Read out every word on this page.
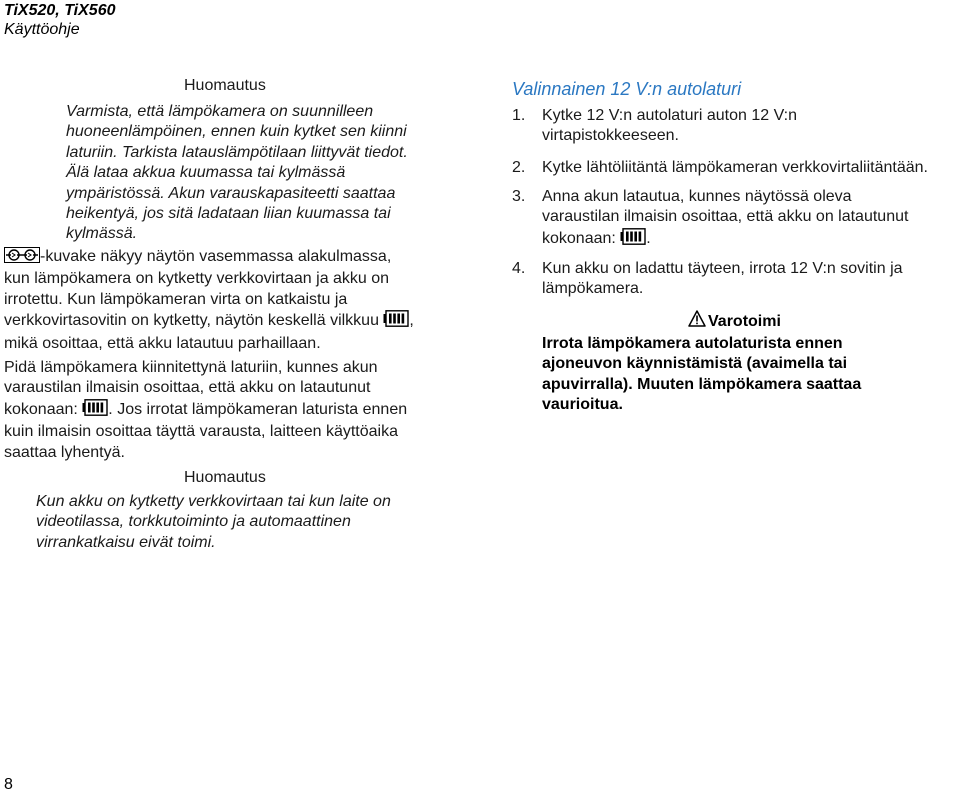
TiX520, TiX560
Käyttöohje
Huomautus

Varmista, että lämpökamera on suunnilleen

huoneenlämpöinen, ennen kuin kytket sen kiinni

laturiin. Tarkista latauslämpötilaan liittyvät tiedot.

Älä lataa akkua kuumassa tai kylmässä

ympäristössä. Akun varauskapasiteetti saattaa

heikentyä, jos sitä ladataan liian kuumassa tai

kylmässä.

-kuvake näkyy näytön vasemmassa alakulmassa,
kun lämpökamera on kytketty verkkovirtaan ja akku on
irrotettu. Kun lämpökameran virta on katkaistu ja
verkkovirtasovitin on kytketty, näytön keskellä vilkkuu ,
mikä osoittaa, että akku latautuu parhaillaan.
Pidä lämpökamera kiinnitettynä laturiin, kunnes akun
varaustilan ilmaisin osoittaa, että akku on latautunut
kokonaan: . Jos irrotat lämpökameran laturista ennen
kuin ilmaisin osoittaa täyttä varausta, laitteen käyttöaika
saattaa lyhentyä.
Huomautus

Kun akku on kytketty verkkovirtaan tai kun laite on

videotilassa, torkkutoiminto ja automaattinen

virrankatkaisu eivät toimi.

Valinnainen 12 V:n autolaturi
1. Kytke 12 V:n autolaturi auton 12 V:n
virtapistokkeeseen.
2. Kytke lähtöliitäntä lämpökameran verkkovirtaliitäntään.
3. Anna akun latautua, kunnes näytössä oleva
varaustilan ilmaisin osoittaa, että akku on latautunut
kokonaan: .
4. Kun akku on ladattu täyteen, irrota 12 V:n sovitin ja
lämpökamera.
Varotoimi
Irrota lämpökamera autolaturista ennen
ajoneuvon käynnistämistä (avaimella tai
apuvirralla). Muuten lämpökamera saattaa
vaurioitua.
8
